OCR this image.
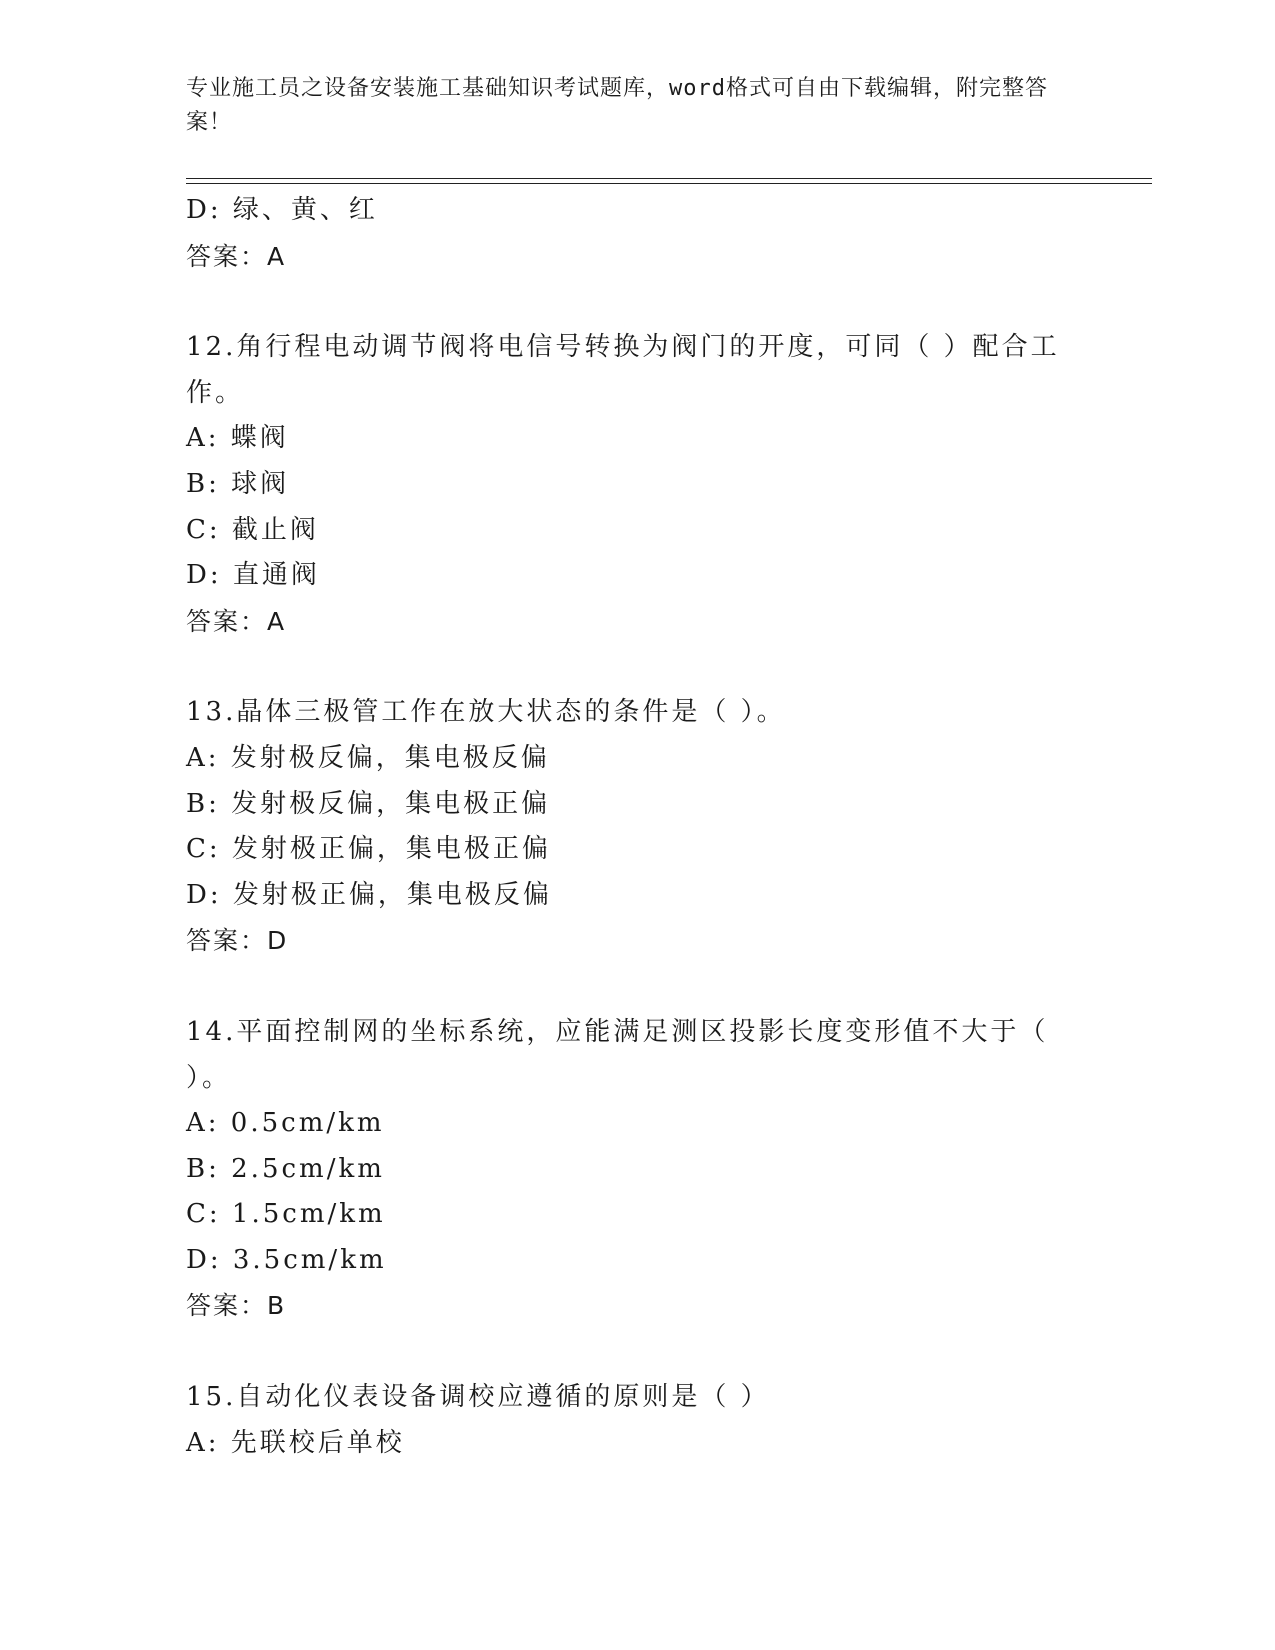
专业施工员之设备安装施工基础知识考试题库，word格式可自由下载编辑，附完整答案！
D: 绿、黄、红
答案：A
12.角行程电动调节阀将电信号转换为阀门的开度，可同（ ）配合工作。
A: 蝶阀
B: 球阀
C: 截止阀
D: 直通阀
答案：A
13.晶体三极管工作在放大状态的条件是（ ）。
A: 发射极反偏，集电极反偏
B: 发射极反偏，集电极正偏
C: 发射极正偏，集电极正偏
D: 发射极正偏，集电极反偏
答案：D
14.平面控制网的坐标系统，应能满足测区投影长度变形值不大于（ ）。
A: 0.5cm/km
B: 2.5cm/km
C: 1.5cm/km
D: 3.5cm/km
答案：B
15.自动化仪表设备调校应遵循的原则是（ ）
A: 先联校后单校
